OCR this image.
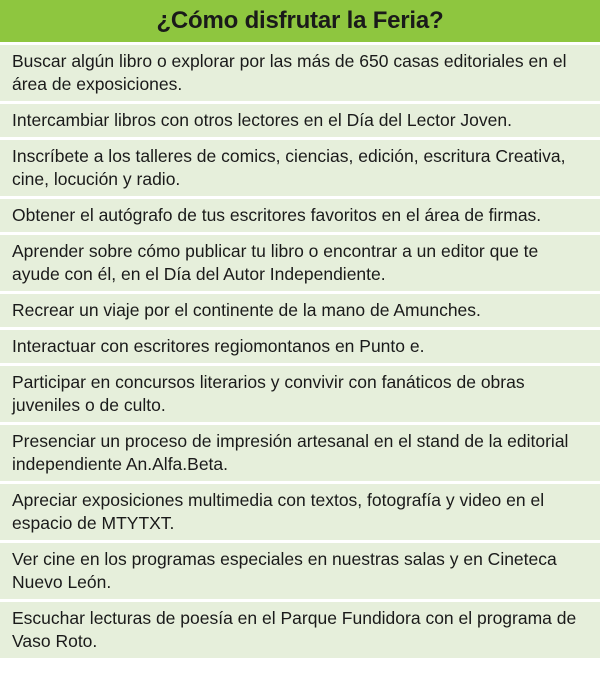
¿Cómo disfrutar la Feria?
Buscar algún libro o explorar por las más de 650 casas editoriales en el área de exposiciones.
Intercambiar libros con otros lectores en el Día del Lector Joven.
Inscríbete a los talleres de comics, ciencias, edición, escritura Creativa, cine, locución y radio.
Obtener el autógrafo de tus escritores favoritos en el área de firmas.
Aprender sobre cómo publicar tu libro o encontrar a un editor que te ayude con él, en el Día del Autor Independiente.
Recrear un viaje por el continente de la mano de Amunches.
Interactuar con escritores regiomontanos en Punto e.
Participar en concursos literarios y convivir con fanáticos de obras juveniles o de culto.
Presenciar un proceso de impresión artesanal en el stand de la editorial independiente An.Alfa.Beta.
Apreciar exposiciones multimedia con textos, fotografía y video en el espacio de MTYTXT.
Ver cine en los programas especiales en nuestras salas y en Cineteca Nuevo León.
Escuchar lecturas de poesía en el Parque Fundidora con el programa de Vaso Roto.
